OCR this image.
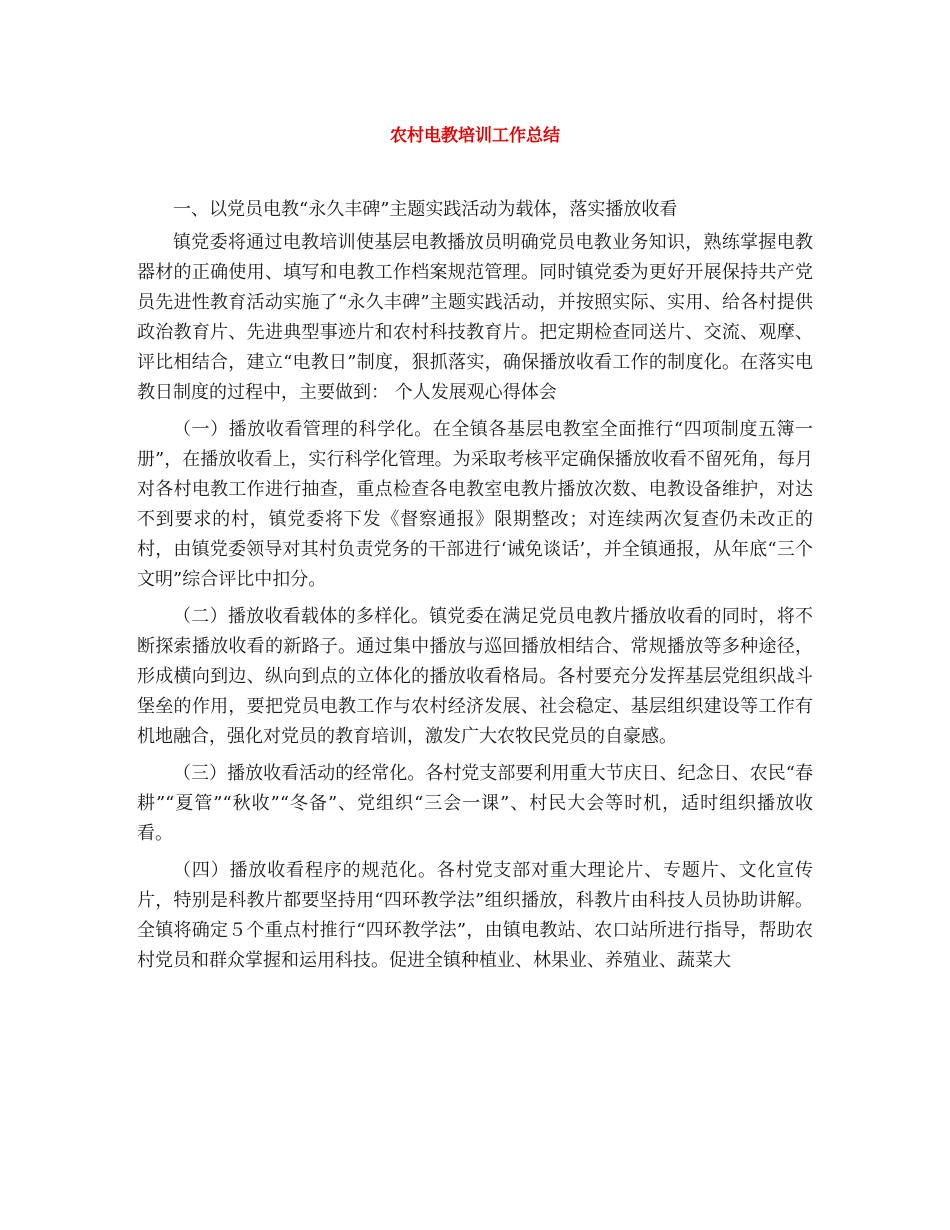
农村电教培训工作总结

一、以党员电教“永久丰碑”主题实践活动为载体，落实播放收看

镇党委将通过电教培训使基层电教播放员明确党员电教业务知识，熟练掌握电教器材的正确使用、填写和电教工作档案规范管理。同时镇党委为更好开展保持共产党员先进性教育活动实施了“永久丰碑”主题实践活动，并按照实际、实用、给各村提供政治教育片、先进典型事迹片和农村科技教育片。把定期检查同送片、交流、观摩、评比相结合，建立“电教日”制度，狠抓落实，确保播放收看工作的制度化。在落实电教日制度的过程中，主要做到： 个人发展观心得体会

（一）播放收看管理的科学化。在全镇各基层电教室全面推行“四项制度五簿一册”，在播放收看上，实行科学化管理。为采取考核平定确保播放收看不留死角，每月对各村电教工作进行抽查，重点检查各电教室电教片播放次数、电教设备维护，对达不到要求的村，镇党委将下发《督察通报》限期整改；对连续两次复查仍未改正的村，由镇党委领导对其村负责党务的干部进行‘诫免谈话’，并全镇通报，从年底“三个文明”综合评比中扣分。

（二）播放收看载体的多样化。镇党委在满足党员电教片播放收看的同时，将不断探索播放收看的新路子。通过集中播放与巡回播放相结合、常规播放等多种途径，形成横向到边、纵向到点的立体化的播放收看格局。各村要充分发挥基层党组织战斗堡垒的作用，要把党员电教工作与农村经济发展、社会稳定、基层组织建设等工作有机地融合，强化对党员的教育培训，激发广大农牧民党员的自豪感。

（三）播放收看活动的经常化。各村党支部要利用重大节庆日、纪念日、农民“春耕”“夏管”“秋收”“冬备”、党组织“三会一课”、村民大会等时机，适时组织播放收看。

（四）播放收看程序的规范化。各村党支部对重大理论片、专题片、文化宣传片，特别是科教片都要坚持用“四环教学法”组织播放，科教片由科技人员协助讲解。全镇将确定５个重点村推行“四环教学法”，由镇电教站、农口站所进行指导，帮助农村党员和群众掌握和运用科技。促进全镇种植业、林果业、养殖业、蔬菜大
